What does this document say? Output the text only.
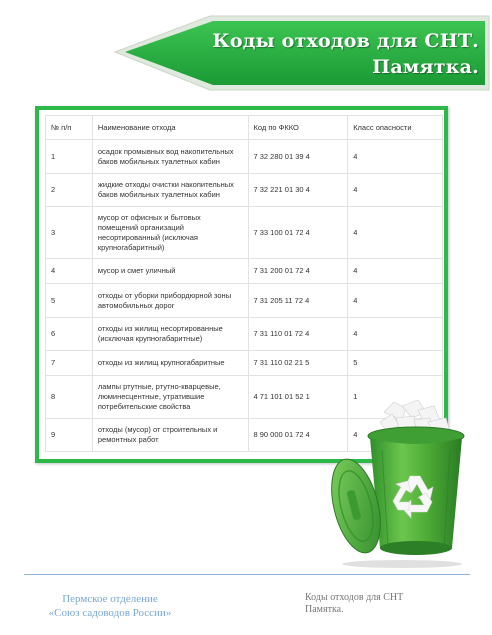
Коды отходов для СНТ.
Памятка.
№ п/п	Наименование отхода	Код по ФККО	Класс опасности
1	осадок промывных вод накопительных баков мобильных туалетных кабин	7 32 280 01 39 4	4
2	жидкие отходы очистки накопительных баков мобильных туалетных кабин	7 32 221 01 30 4	4
3	мусор от офисных и бытовых помещений организаций несортированный (исключая крупногабаритный)	7 33 100 01 72 4	4
4	мусор и смет уличный	7 31 200 01 72 4	4
5	отходы от уборки прибордюрной зоны автомобильных дорог	7 31 205 11 72 4	4
6	отходы из жилищ несортированные (исключая крупногабаритные)	7 31 110 01 72 4	4
7	отходы из жилищ крупногабаритные	7 31 110 02 21 5	5
8	лампы ртутные, ртутно-кварцевые, люминесцентные, утратившие потребительские свойства	4 71 101 01 52 1	1
9	отходы (мусор) от строительных и ремонтных работ	8 90 000 01 72 4	4
Пермское отделение
«Союз садоводов России»
Коды отходов для СНТ
Памятка.
